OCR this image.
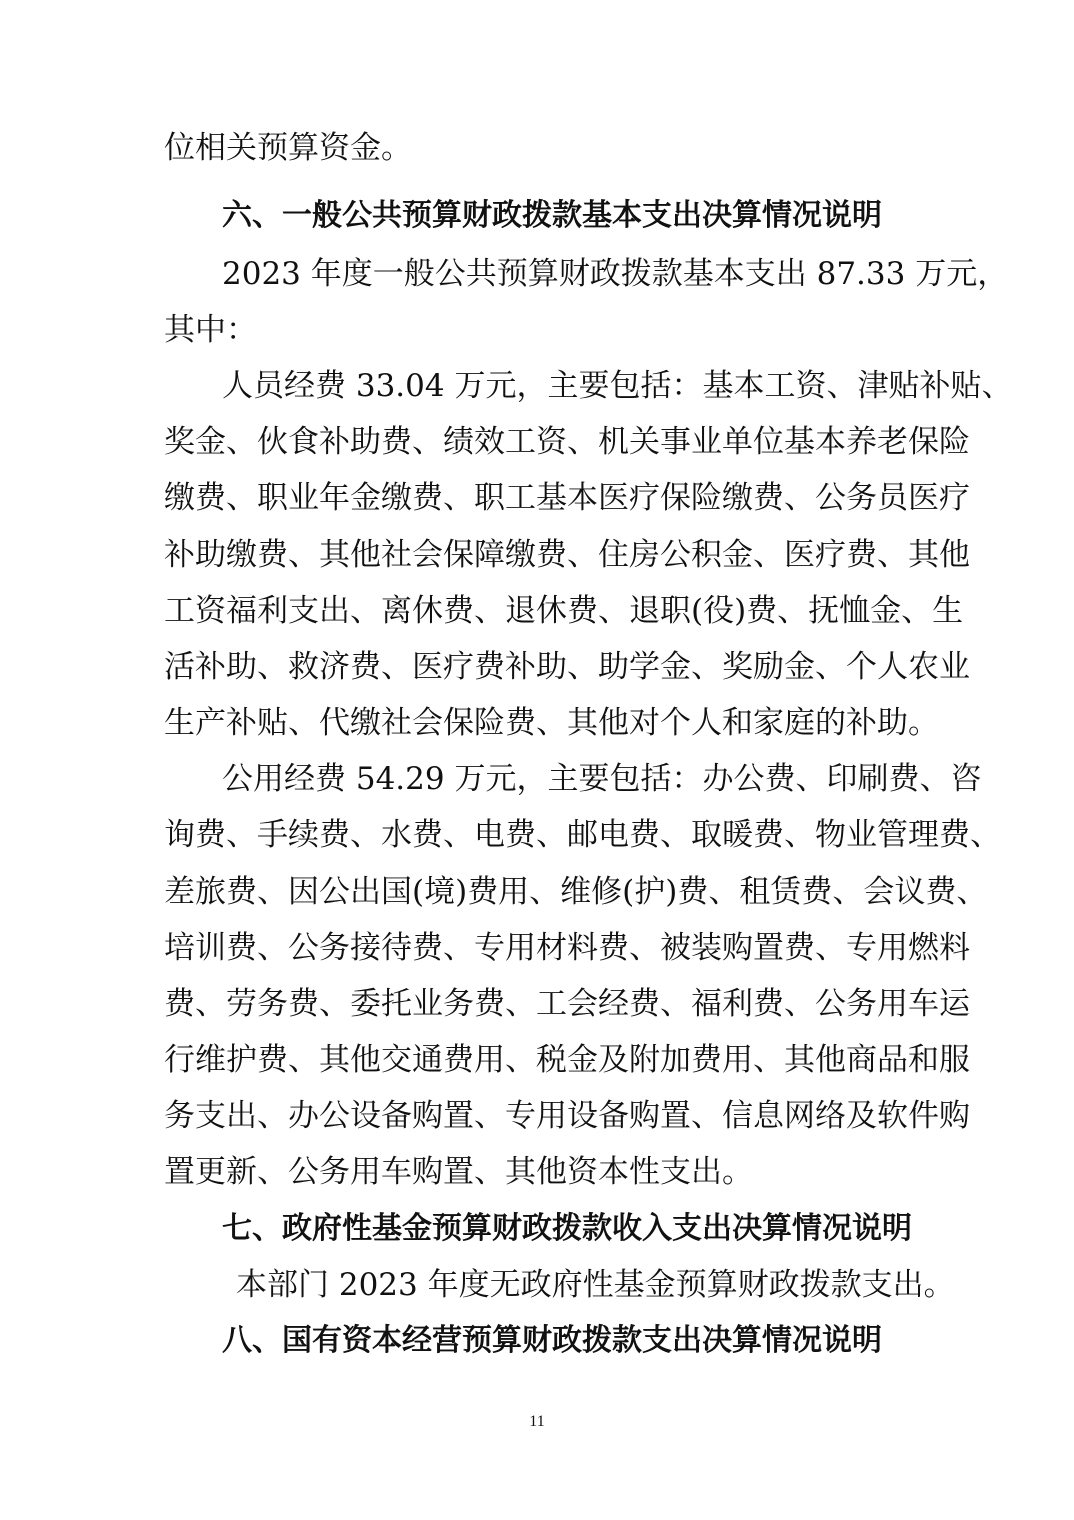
位相关预算资金。
六、一般公共预算财政拨款基本支出决算情况说明
2023 年度一般公共预算财政拨款基本支出 87.33 万元，
其中：
人员经费 33.04 万元，主要包括：基本工资、津贴补贴、
奖金、伙食补助费、绩效工资、机关事业单位基本养老保险
缴费、职业年金缴费、职工基本医疗保险缴费、公务员医疗
补助缴费、其他社会保障缴费、住房公积金、医疗费、其他
工资福利支出、离休费、退休费、退职(役)费、抚恤金、生
活补助、救济费、医疗费补助、助学金、奖励金、个人农业
生产补贴、代缴社会保险费、其他对个人和家庭的补助。
公用经费 54.29 万元，主要包括：办公费、印刷费、咨
询费、手续费、水费、电费、邮电费、取暖费、物业管理费、
差旅费、因公出国(境)费用、维修(护)费、租赁费、会议费、
培训费、公务接待费、专用材料费、被装购置费、专用燃料
费、劳务费、委托业务费、工会经费、福利费、公务用车运
行维护费、其他交通费用、税金及附加费用、其他商品和服
务支出、办公设备购置、专用设备购置、信息网络及软件购
置更新、公务用车购置、其他资本性支出。
七、政府性基金预算财政拨款收入支出决算情况说明
本部门 2023 年度无政府性基金预算财政拨款支出。
八、国有资本经营预算财政拨款支出决算情况说明
11
